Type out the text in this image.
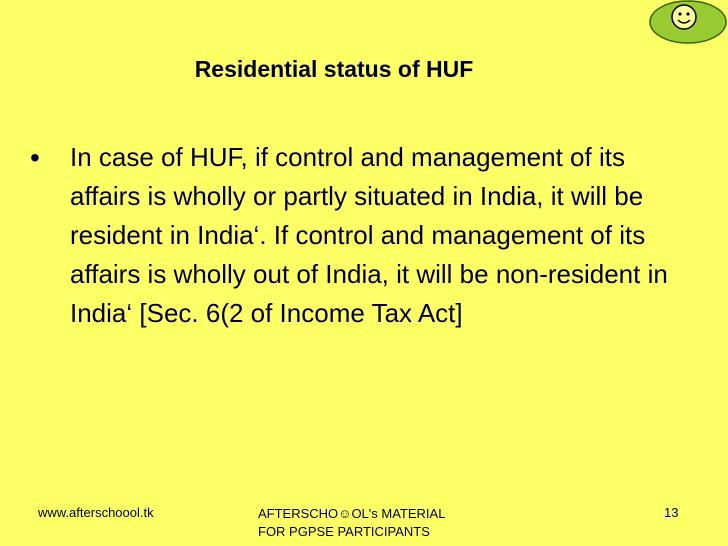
Residential status of HUF
• In case of HUF, if control and management of its affairs is wholly or partly situated in India, it will be resident in India‘. If control and management of its affairs is wholly out of India, it will be non-resident in India‘ [Sec. 6(2 of Income Tax Act]
www.afterschoool.tk	AFTERSCHO☺OL's MATERIAL
FOR PGPSE PARTICIPANTS
13
